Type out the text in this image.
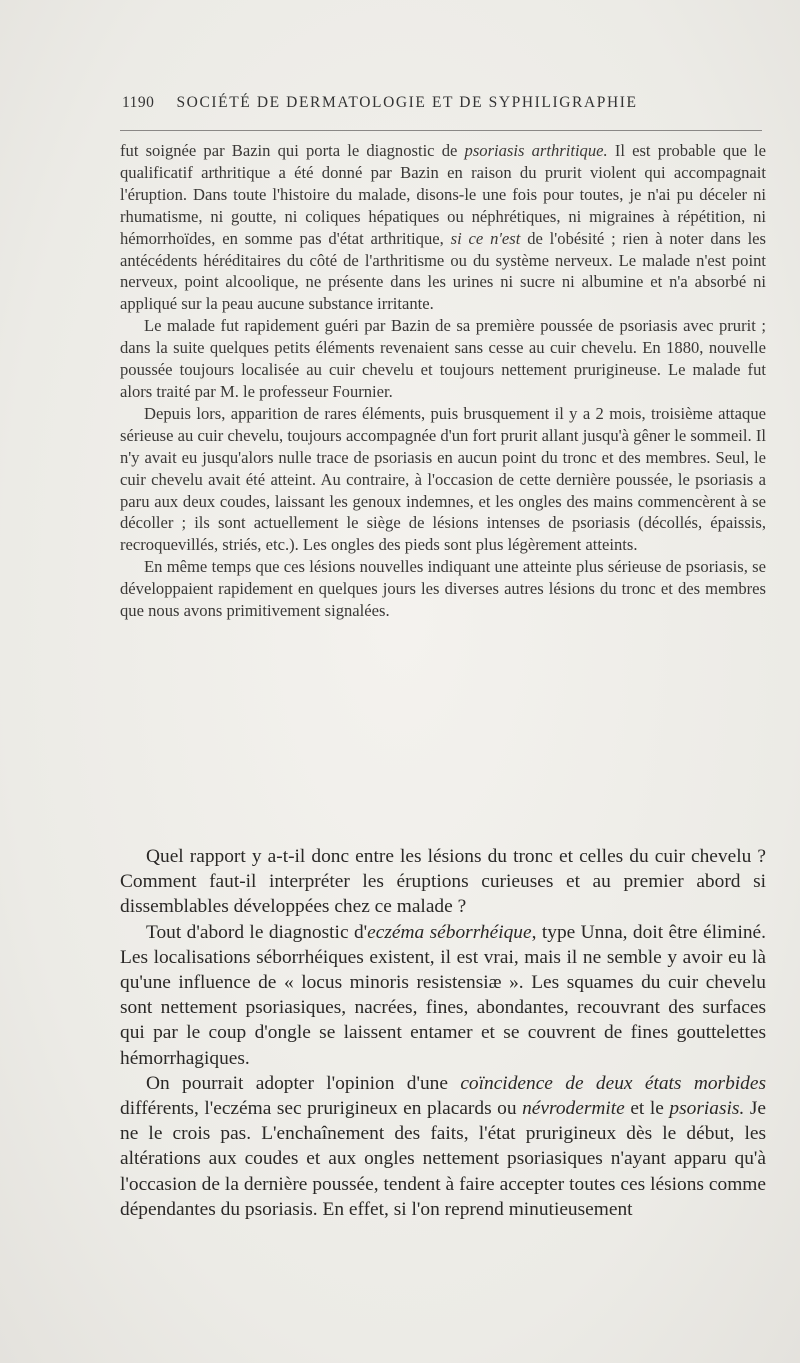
1190 SOCIÉTÉ DE DERMATOLOGIE ET DE SYPHILIGRAPHIE

fut soignée par Bazin qui porta le diagnostic de psoriasis arthritique. Il est probable que le qualificatif arthritique a été donné par Bazin en raison du prurit violent qui accompagnait l'éruption. Dans toute l'histoire du malade, disons-le une fois pour toutes, je n'ai pu déceler ni rhumatisme, ni goutte, ni coliques hépatiques ou néphrétiques, ni migraines à répétition, ni hémorrhoïdes, en somme pas d'état arthritique, si ce n'est de l'obésité ; rien à noter dans les antécédents héréditaires du côté de l'arthritisme ou du système nerveux. Le malade n'est point nerveux, point alcoolique, ne présente dans les urines ni sucre ni albumine et n'a absorbé ni appliqué sur la peau aucune substance irritante.

Le malade fut rapidement guéri par Bazin de sa première poussée de psoriasis avec prurit ; dans la suite quelques petits éléments revenaient sans cesse au cuir chevelu. En 1880, nouvelle poussée toujours localisée au cuir chevelu et toujours nettement prurigineuse. Le malade fut alors traité par M. le professeur Fournier.

Depuis lors, apparition de rares éléments, puis brusquement il y a 2 mois, troisième attaque sérieuse au cuir chevelu, toujours accompagnée d'un fort prurit allant jusqu'à gêner le sommeil. Il n'y avait eu jusqu'alors nulle trace de psoriasis en aucun point du tronc et des membres. Seul, le cuir chevelu avait été atteint. Au contraire, à l'occasion de cette dernière poussée, le psoriasis a paru aux deux coudes, laissant les genoux indemnes, et les ongles des mains commencèrent à se décoller ; ils sont actuellement le siège de lésions intenses de psoriasis (décollés, épaissis, recroquevillés, striés, etc.). Les ongles des pieds sont plus légèrement atteints.

En même temps que ces lésions nouvelles indiquant une atteinte plus sérieuse de psoriasis, se développaient rapidement en quelques jours les diverses autres lésions du tronc et des membres que nous avons primitivement signalées.

Quel rapport y a-t-il donc entre les lésions du tronc et celles du cuir chevelu ? Comment faut-il interpréter les éruptions curieuses et au premier abord si dissemblables développées chez ce malade ?

Tout d'abord le diagnostic d'eczéma séborrhéique, type Unna, doit être éliminé. Les localisations séborrhéiques existent, il est vrai, mais il ne semble y avoir eu là qu'une influence de « locus minoris resistensiæ ». Les squames du cuir chevelu sont nettement psoriasiques, nacrées, fines, abondantes, recouvrant des surfaces qui par le coup d'ongle se laissent entamer et se couvrent de fines gouttelettes hémorrhagiques.

On pourrait adopter l'opinion d'une coïncidence de deux états morbides différents, l'eczéma sec prurigineux en placards ou névrodermite et le psoriasis. Je ne le crois pas. L'enchaînement des faits, l'état prurigineux dès le début, les altérations aux coudes et aux ongles nettement psoriasiques n'ayant apparu qu'à l'occasion de la dernière poussée, tendent à faire accepter toutes ces lésions comme dépendantes du psoriasis. En effet, si l'on reprend minutieusement
